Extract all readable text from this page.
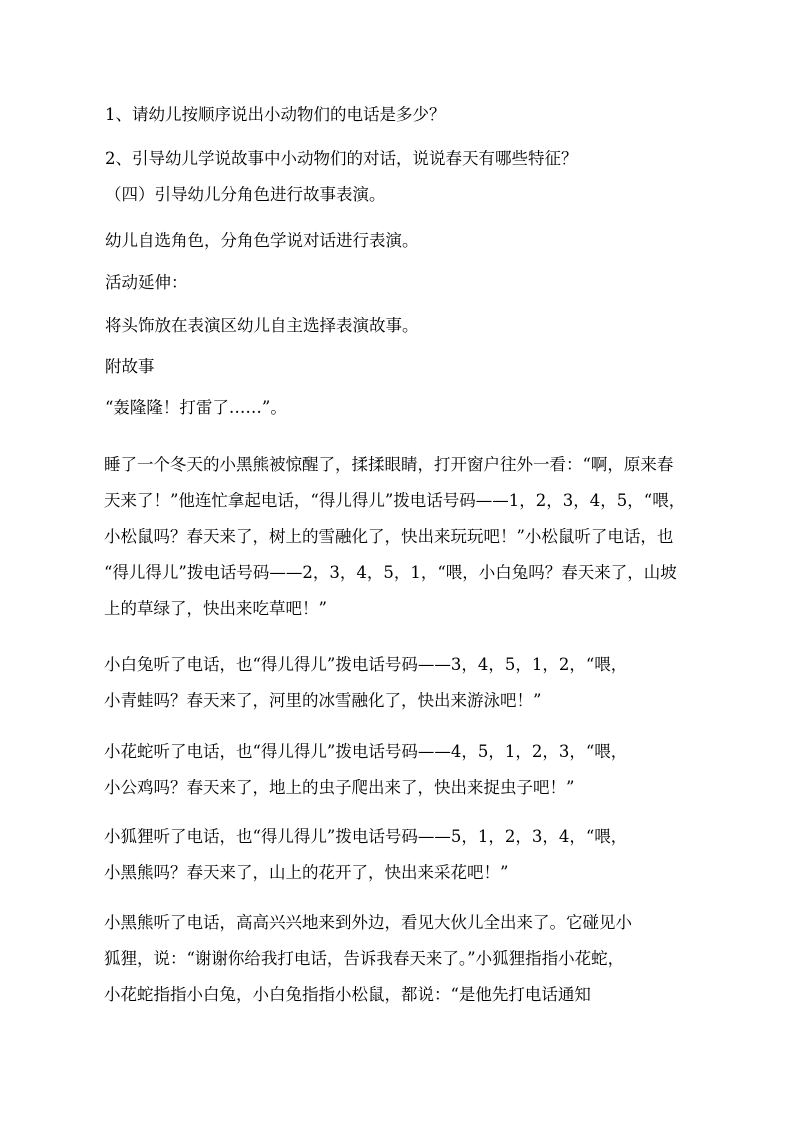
1、请幼儿按顺序说出小动物们的电话是多少？

2、引导幼儿学说故事中小动物们的对话，说说春天有哪些特征？

（四）引导幼儿分角色进行故事表演。

幼儿自选角色，分角色学说对话进行表演。

活动延伸：

将头饰放在表演区幼儿自主选择表演故事。

附故事

“轰隆隆！打雷了……”。

睡了一个冬天的小黑熊被惊醒了，揉揉眼睛，打开窗户往外一看：“啊，原来春

天来了！”他连忙拿起电话，“得儿得儿”拨电话号码——1，2，3，4，5，“喂，

小松鼠吗？春天来了，树上的雪融化了，快出来玩玩吧！”小松鼠听了电话，也

“得儿得儿”拨电话号码——2，3，4，5，1，“喂，小白兔吗？春天来了，山坡

上的草绿了，快出来吃草吧！”

小白兔听了电话，也“得儿得儿”拨电话号码——3，4，5，1，2，“喂，

小青蛙吗？春天来了，河里的冰雪融化了，快出来游泳吧！”

小花蛇听了电话，也“得儿得儿”拨电话号码——4，5，1，2，3，“喂，

小公鸡吗？春天来了，地上的虫子爬出来了，快出来捉虫子吧！”

小狐狸听了电话，也“得儿得儿”拨电话号码——5，1，2，3，4，“喂，

小黑熊吗？春天来了，山上的花开了，快出来采花吧！”

小黑熊听了电话，高高兴兴地来到外边，看见大伙儿全出来了。它碰见小

狐狸，说：“谢谢你给我打电话，告诉我春天来了。”小狐狸指指小花蛇，

小花蛇指指小白兔，小白兔指指小松鼠，都说：“是他先打电话通知
